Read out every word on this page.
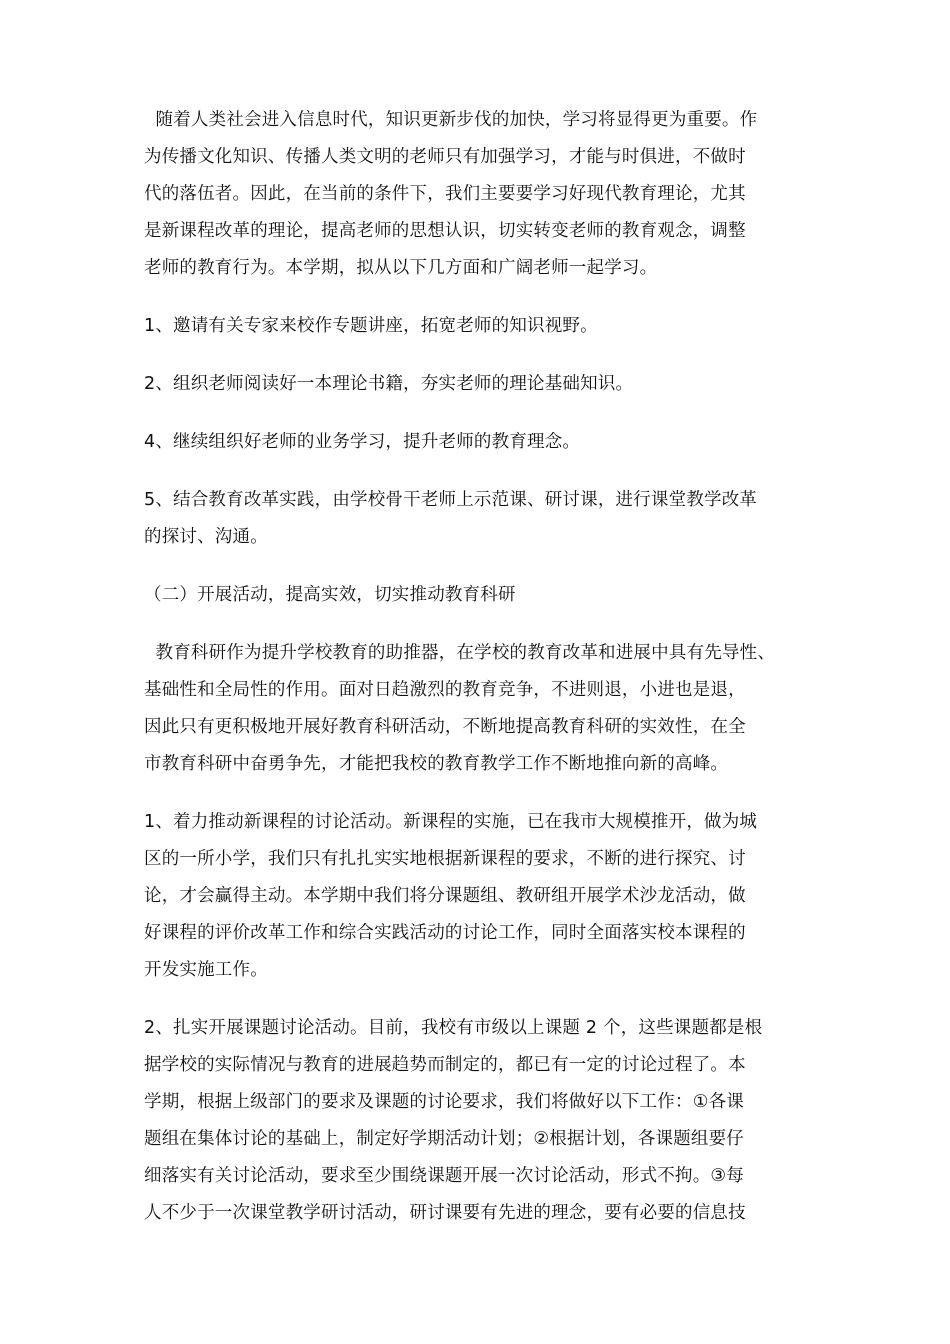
随着人类社会进入信息时代，知识更新步伐的加快，学习将显得更为重要。作
为传播文化知识、传播人类文明的老师只有加强学习，才能与时俱进，不做时
代的落伍者。因此，在当前的条件下，我们主要要学习好现代教育理论，尤其
是新课程改革的理论，提高老师的思想认识，切实转变老师的教育观念，调整
老师的教育行为。本学期，拟从以下几方面和广阔老师一起学习。
1、邀请有关专家来校作专题讲座，拓宽老师的知识视野。
2、组织老师阅读好一本理论书籍，夯实老师的理论基础知识。
4、继续组织好老师的业务学习，提升老师的教育理念。
5、结合教育改革实践，由学校骨干老师上示范课、研讨课，进行课堂教学改革
的探讨、沟通。
（二）开展活动，提高实效，切实推动教育科研
教育科研作为提升学校教育的助推器，在学校的教育改革和进展中具有先导性、
基础性和全局性的作用。面对日趋激烈的教育竞争，不进则退，小进也是退，
因此只有更积极地开展好教育科研活动，不断地提高教育科研的实效性，在全
市教育科研中奋勇争先，才能把我校的教育教学工作不断地推向新的高峰。
1、着力推动新课程的讨论活动。新课程的实施，已在我市大规模推开，做为城
区的一所小学，我们只有扎扎实实地根据新课程的要求，不断的进行探究、讨
论，才会赢得主动。本学期中我们将分课题组、教研组开展学术沙龙活动，做
好课程的评价改革工作和综合实践活动的讨论工作，同时全面落实校本课程的
开发实施工作。
2、扎实开展课题讨论活动。目前，我校有市级以上课题 2 个，这些课题都是根
据学校的实际情况与教育的进展趋势而制定的，都已有一定的讨论过程了。本
学期，根据上级部门的要求及课题的讨论要求，我们将做好以下工作：①各课
题组在集体讨论的基础上，制定好学期活动计划；②根据计划，各课题组要仔
细落实有关讨论活动，要求至少围绕课题开展一次讨论活动，形式不拘。③每
人不少于一次课堂教学研讨活动，研讨课要有先进的理念，要有必要的信息技
